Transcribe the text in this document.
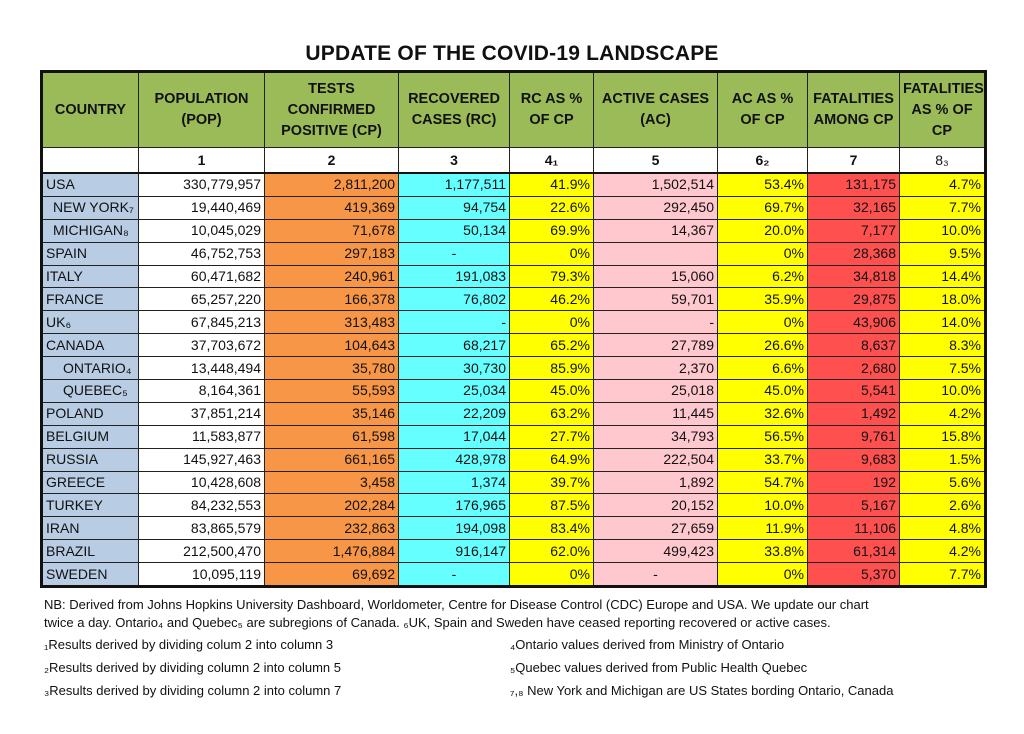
UPDATE OF THE COVID-19 LANDSCAPE
COUNTRY	POPULATION (POP)	TESTS CONFIRMED POSITIVE (CP)	RECOVERED CASES (RC)	RC AS % OF CP	ACTIVE CASES (AC)	AC AS % OF CP	FATALITIES AMONG CP	FATALITIES AS % OF CP
	1	2	3	4₁	5	6₂	7	8₃
USA	330,779,957	2,811,200	1,177,511	41.9%	1,502,514	53.4%	131,175	4.7%
NEW YORK₇	19,440,469	419,369	94,754	22.6%	292,450	69.7%	32,165	7.7%
MICHIGAN₈	10,045,029	71,678	50,134	69.9%	14,367	20.0%	7,177	10.0%
SPAIN	46,752,753	297,183	-	0%		0%	28,368	9.5%
ITALY	60,471,682	240,961	191,083	79.3%	15,060	6.2%	34,818	14.4%
FRANCE	65,257,220	166,378	76,802	46.2%	59,701	35.9%	29,875	18.0%
UK₆	67,845,213	313,483	-	0%	-	0%	43,906	14.0%
CANADA	37,703,672	104,643	68,217	65.2%	27,789	26.6%	8,637	8.3%
ONTARIO₄	13,448,494	35,780	30,730	85.9%	2,370	6.6%	2,680	7.5%
QUEBEC₅	8,164,361	55,593	25,034	45.0%	25,018	45.0%	5,541	10.0%
POLAND	37,851,214	35,146	22,209	63.2%	11,445	32.6%	1,492	4.2%
BELGIUM	11,583,877	61,598	17,044	27.7%	34,793	56.5%	9,761	15.8%
RUSSIA	145,927,463	661,165	428,978	64.9%	222,504	33.7%	9,683	1.5%
GREECE	10,428,608	3,458	1,374	39.7%	1,892	54.7%	192	5.6%
TURKEY	84,232,553	202,284	176,965	87.5%	20,152	10.0%	5,167	2.6%
IRAN	83,865,579	232,863	194,098	83.4%	27,659	11.9%	11,106	4.8%
BRAZIL	212,500,470	1,476,884	916,147	62.0%	499,423	33.8%	61,314	4.2%
SWEDEN	10,095,119	69,692	-	0%	-	0%	5,370	7.7%
NB: Derived from Johns Hopkins University Dashboard, Worldometer, Centre for Disease Control (CDC) Europe and USA. We update our chart
twice a day. Ontario₄ and Quebec₅ are subregions of Canada. ₆UK, Spain and Sweden have ceased reporting recovered or active cases.
₁Results derived by dividing colum 2 into column 3
₂Results derived by dividing column 2 into column 5
₃Results derived by dividing column 2 into column 7
₄Ontario values derived from Ministry of Ontario
₅Quebec values derived from Public Health Quebec
₇,₈ New York and Michigan are US States bording Ontario, Canada
